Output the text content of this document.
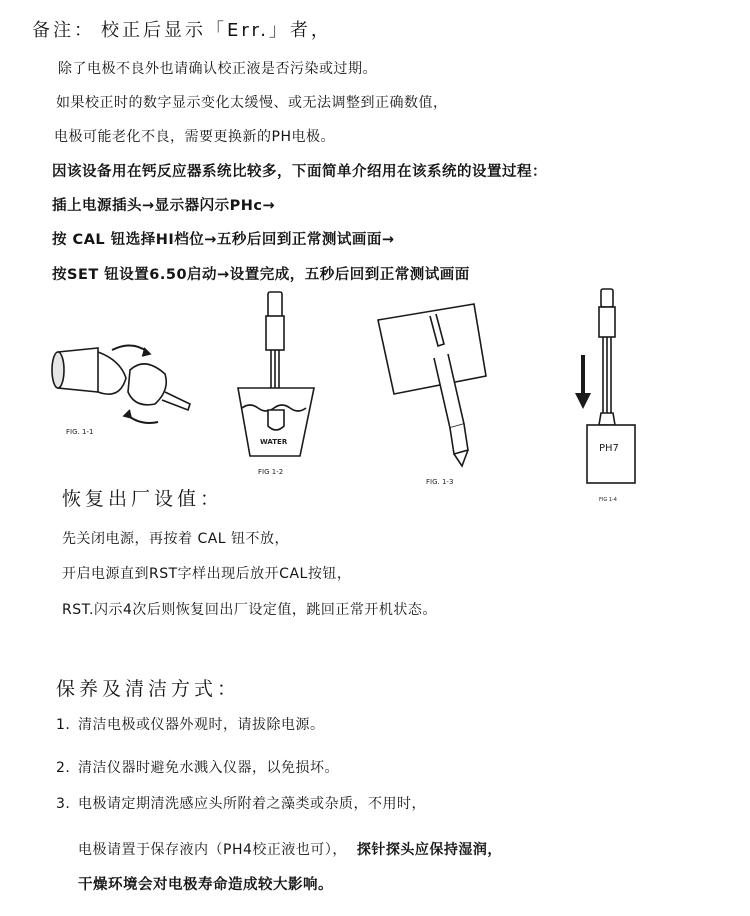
备注： 校正后显示「Err.」者，
除了电极不良外也请确认校正液是否污染或过期。
如果校正时的数字显示变化太缓慢、或无法调整到正确数值，
电极可能老化不良，需要更换新的PH电极。
因该设备用在钙反应器系统比较多，下面简单介绍用在该系统的设置过程：
插上电源插头→显示器闪示PHc→
按 CAL 钮选择HI档位→五秒后回到正常测试画面→
按SET 钮设置6.50启动→设置完成，五秒后回到正常测试画面
FIG. 1-1
WATER
FIG 1-2
FIG. 1-3
PH7
FIG 1-4
恢复出厂设值：
先关闭电源，再按着 CAL 钮不放，
开启电源直到RST字样出现后放开CAL按钮，
RST.闪示4次后则恢复回出厂设定值，跳回正常开机状态。
保养及清洁方式：
1. 清洁电极或仪器外观时，请拔除电源。
2. 清洁仪器时避免水溅入仪器，以免损坏。
3. 电极请定期清洗感应头所附着之藻类或杂质，不用时，
电极请置于保存液内（PH4校正液也可）， 探针探头应保持湿润，
干燥环境会对电极寿命造成较大影响。
